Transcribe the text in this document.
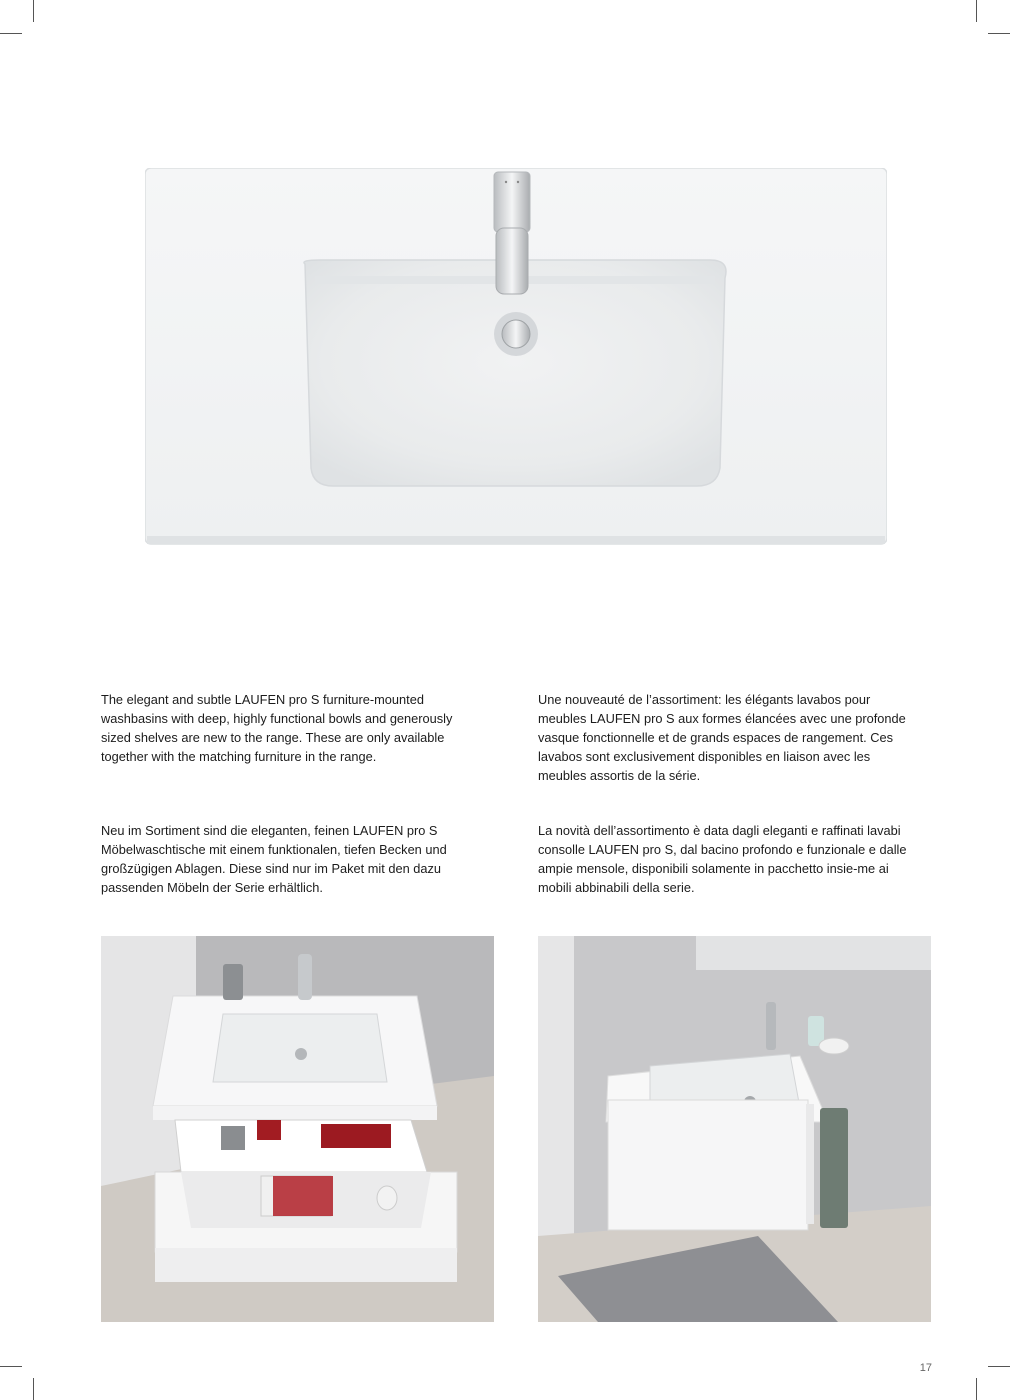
The elegant and subtle LAUFEN pro S furniture-mounted washbasins with deep, highly functional bowls and generously sized shelves are new to the range. These are only available together with the matching furniture in the range.
Une nouveauté de l’assortiment: les élégants lavabos pour meubles LAUFEN pro S aux formes élancées avec une profonde vasque fonctionnelle et de grands espaces de rangement. Ces lavabos sont exclusivement disponibles en liaison avec les meubles assortis de la série.
Neu im Sortiment sind die eleganten, feinen LAUFEN pro S Möbelwaschtische mit einem funktionalen, tiefen Becken und großzügigen Ablagen. Diese sind nur im Paket mit den dazu passenden Möbeln der Serie erhältlich.
La novità dell’assortimento è data dagli eleganti e raffinati lavabi consolle LAUFEN pro S, dal bacino profondo e funzionale e dalle ampie mensole, disponibili solamente in pacchetto insie-me ai mobili abbinabili della serie.
17
